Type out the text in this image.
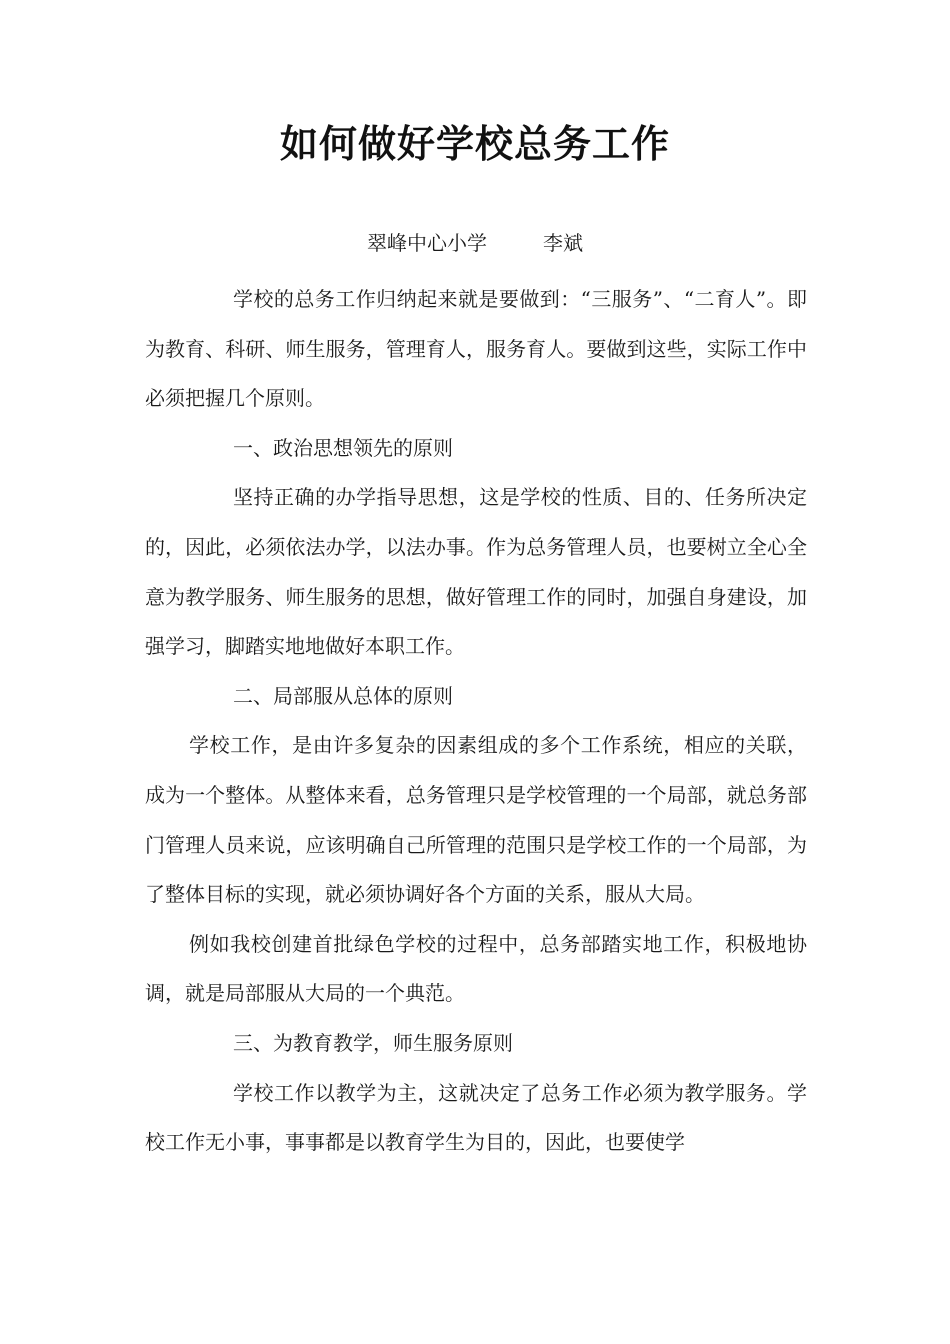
如何做好学校总务工作
翠峰中心小学	李斌

学校的总务工作归纳起来就是要做到：“三服务”、“二育人”。即为教育、科研、师生服务，管理育人，服务育人。要做到这些，实际工作中必须把握几个原则。

一、政治思想领先的原则

坚持正确的办学指导思想，这是学校的性质、目的、任务所决定的，因此，必须依法办学，以法办事。作为总务管理人员，也要树立全心全意为教学服务、师生服务的思想，做好管理工作的同时，加强自身建设，加强学习，脚踏实地地做好本职工作。

二、局部服从总体的原则

学校工作，是由许多复杂的因素组成的多个工作系统，相应的关联，成为一个整体。从整体来看，总务管理只是学校管理的一个局部，就总务部门管理人员来说，应该明确自己所管理的范围只是学校工作的一个局部，为了整体目标的实现，就必须协调好各个方面的关系，服从大局。

例如我校创建首批绿色学校的过程中，总务部踏实地工作，积极地协调，就是局部服从大局的一个典范。

三、为教育教学，师生服务原则

学校工作以教学为主，这就决定了总务工作必须为教学服务。学校工作无小事，事事都是以教育学生为目的，因此，也要使学
